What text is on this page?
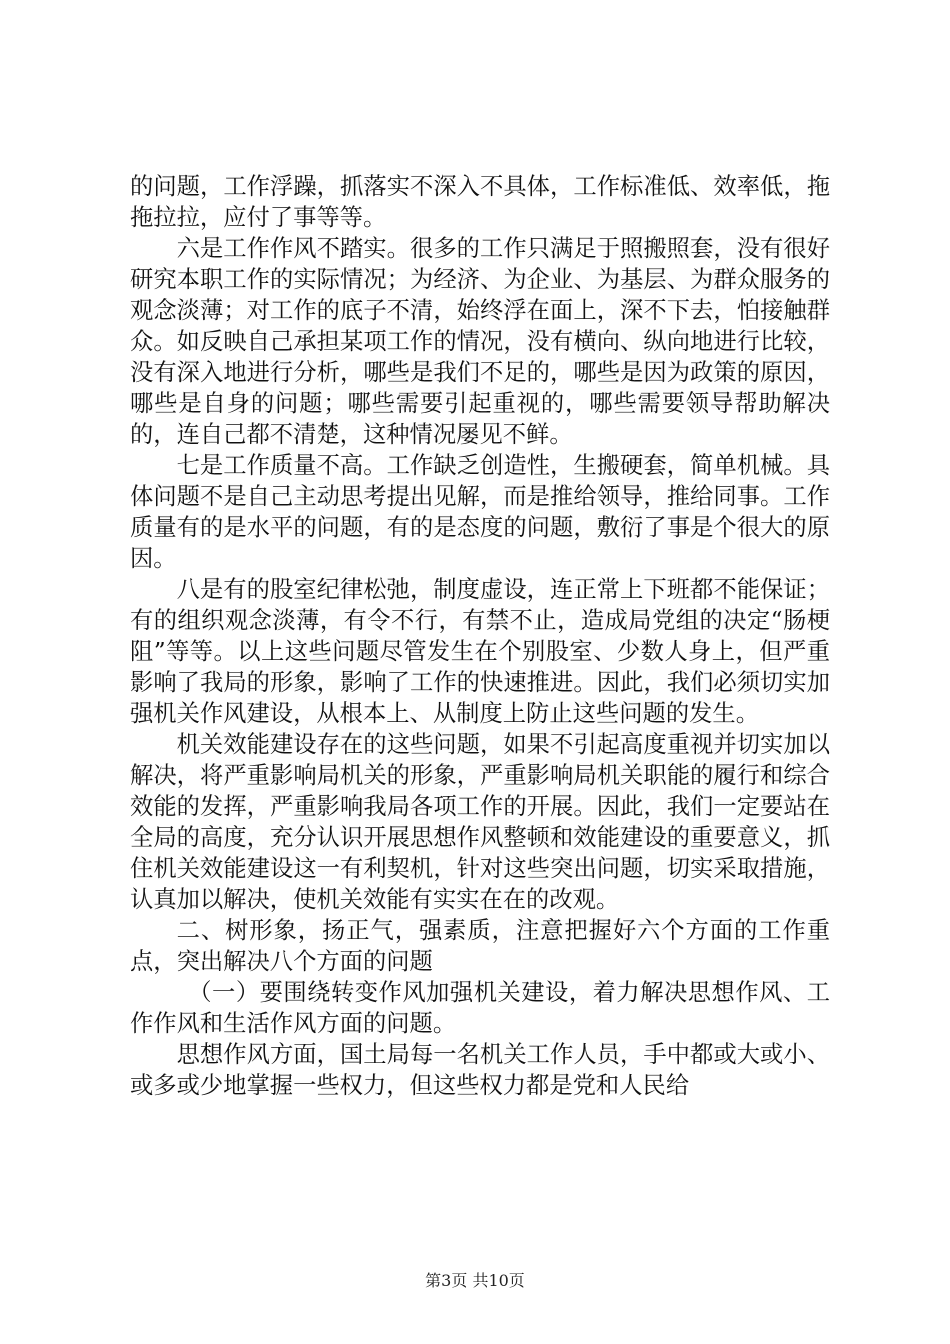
的问题，工作浮躁，抓落实不深入不具体，工作标准低、效率低，拖拖拉拉，应付了事等等。

六是工作作风不踏实。很多的工作只满足于照搬照套，没有很好研究本职工作的实际情况；为经济、为企业、为基层、为群众服务的观念淡薄；对工作的底子不清，始终浮在面上，深不下去，怕接触群众。如反映自己承担某项工作的情况，没有横向、纵向地进行比较，没有深入地进行分析，哪些是我们不足的，哪些是因为政策的原因，哪些是自身的问题；哪些需要引起重视的，哪些需要领导帮助解决的，连自己都不清楚，这种情况屡见不鲜。

七是工作质量不高。工作缺乏创造性，生搬硬套，简单机械。具体问题不是自己主动思考提出见解，而是推给领导，推给同事。工作质量有的是水平的问题，有的是态度的问题，敷衍了事是个很大的原因。

八是有的股室纪律松弛，制度虚设，连正常上下班都不能保证；有的组织观念淡薄，有令不行，有禁不止，造成局党组的决定“肠梗阻”等等。以上这些问题尽管发生在个别股室、少数人身上，但严重影响了我局的形象，影响了工作的快速推进。因此，我们必须切实加强机关作风建设，从根本上、从制度上防止这些问题的发生。

机关效能建设存在的这些问题，如果不引起高度重视并切实加以解决，将严重影响局机关的形象，严重影响局机关职能的履行和综合效能的发挥，严重影响我局各项工作的开展。因此，我们一定要站在全局的高度，充分认识开展思想作风整顿和效能建设的重要意义，抓住机关效能建设这一有利契机，针对这些突出问题，切实采取措施，认真加以解决，使机关效能有实实在在的改观。

二、树形象，扬正气，强素质，注意把握好六个方面的工作重点，突出解决八个方面的问题

（一）要围绕转变作风加强机关建设，着力解决思想作风、工作作风和生活作风方面的问题。

思想作风方面，国土局每一名机关工作人员，手中都或大或小、或多或少地掌握一些权力，但这些权力都是党和人民给

第3页 共10页
